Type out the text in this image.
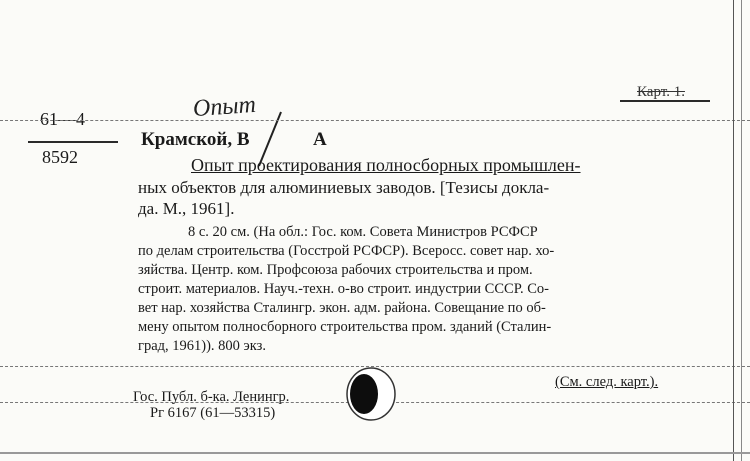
Карт. 1.
61—4
8592
Опыт
Крамской, В	А
Опыт проектирования полносборных промышлен-
ных объектов для алюминиевых заводов. [Тезисы докла-
да. М., 1961].
8 с. 20 см. (На обл.: Гос. ком. Совета Министров РСФСР
по делам строительства (Госстрой РСФСР). Всеросс. совет нар. хо-
зяйства. Центр. ком. Профсоюза рабочих строительства и пром.
строит. материалов. Науч.-техн. о-во строит. индустрии СССР. Со-
вет нар. хозяйства Сталингр. экон. адм. района. Совещание по об-
мену опытом полносборного строительства пром. зданий (Сталин-
град, 1961)). 800 экз.
(См. след. карт.).
Гос. Публ. б-ка. Ленингр.
Рг 6167 (61—53315)
